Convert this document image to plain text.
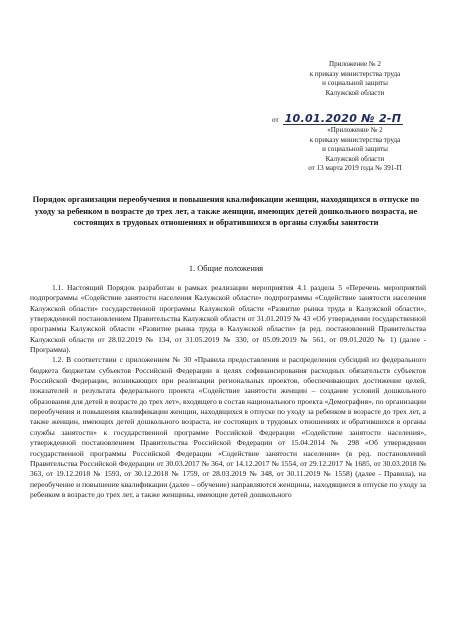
Приложение № 2
к приказу министерства труда
и социальной защиты
Калужской области
от 10.01.2020 № 2-П
«Приложение № 2
к приказу министерства труда
и социальной защиты
Калужской области
от 13 марта 2019 года № 391-П
Порядок организации переобучения и повышения квалификации женщин, находящихся в отпуске по уходу за ребенком в возрасте до трех лет, а также женщин, имеющих детей дошкольного возраста, не состоящих в трудовых отношениях и обратившихся в органы службы занятости
1. Общие положения

1.1. Настоящий Порядок разработан в рамках реализации мероприятия 4.1 раздела 5 «Перечень мероприятий подпрограммы «Содействие занятости населения Калужской области» подпрограммы «Содействие занятости населения Калужской области» государственной программы Калужской области «Развитие рынка труда в Калужской области», утвержденной постановлением Правительства Калужской области от 31.01.2019 № 43 «Об утверждении государственной программы Калужской области «Развитие рынка труда в Калужской области» (в ред. постановлений Правительства Калужской области от 28.02.2019 № 134, от 31.05.2019 № 330, от 05.09.2019 № 561, от 09.01.2020 № 1) (далее - Программа).

1.2. В соответствии с приложением № 30 «Правила предоставления и распределения субсидий из федерального бюджета бюджетам субъектов Российской Федерации в целях софинансирования расходных обязательств субъектов Российской Федерации, возникающих при реализации региональных проектов, обеспечивающих достижение целей, показателей и результата федерального проекта «Содействие занятости женщин – создание условий дошкольного образования для детей в возрасте до трех лет», входящего в состав национального проекта «Демография», по организации переобучения и повышения квалификации женщин, находящихся в отпуске по уходу за ребенком в возрасте до трех лет, а также женщин, имеющих детей дошкольного возраста, не состоящих в трудовых отношениях и обратившихся в органы службы занятости» к государственной программе Российской Федерации «Содействие занятости населения», утвержденной постановлением Правительства Российской Федерации от 15.04.2014 № 298 «Об утверждении государственной программы Российской Федерации «Содействие занятости населения» (в ред. постановлений Правительства Российской Федерации от 30.03.2017 № 364, от 14.12.2017 № 1554, от 29.12.2017 № 1685, от 30.03.2018 № 363, от 19.12.2018 № 1593, от 30.12.2018 № 1759, от 28.03.2019 № 348, от 30.11.2019 № 1558) (далее - Правила), на переобучение и повышение квалификации (далее – обучение) направляются женщины, находящиеся в отпуске по уходу за ребенком в возрасте до трех лет, а также женщины, имеющие детей дошкольного
